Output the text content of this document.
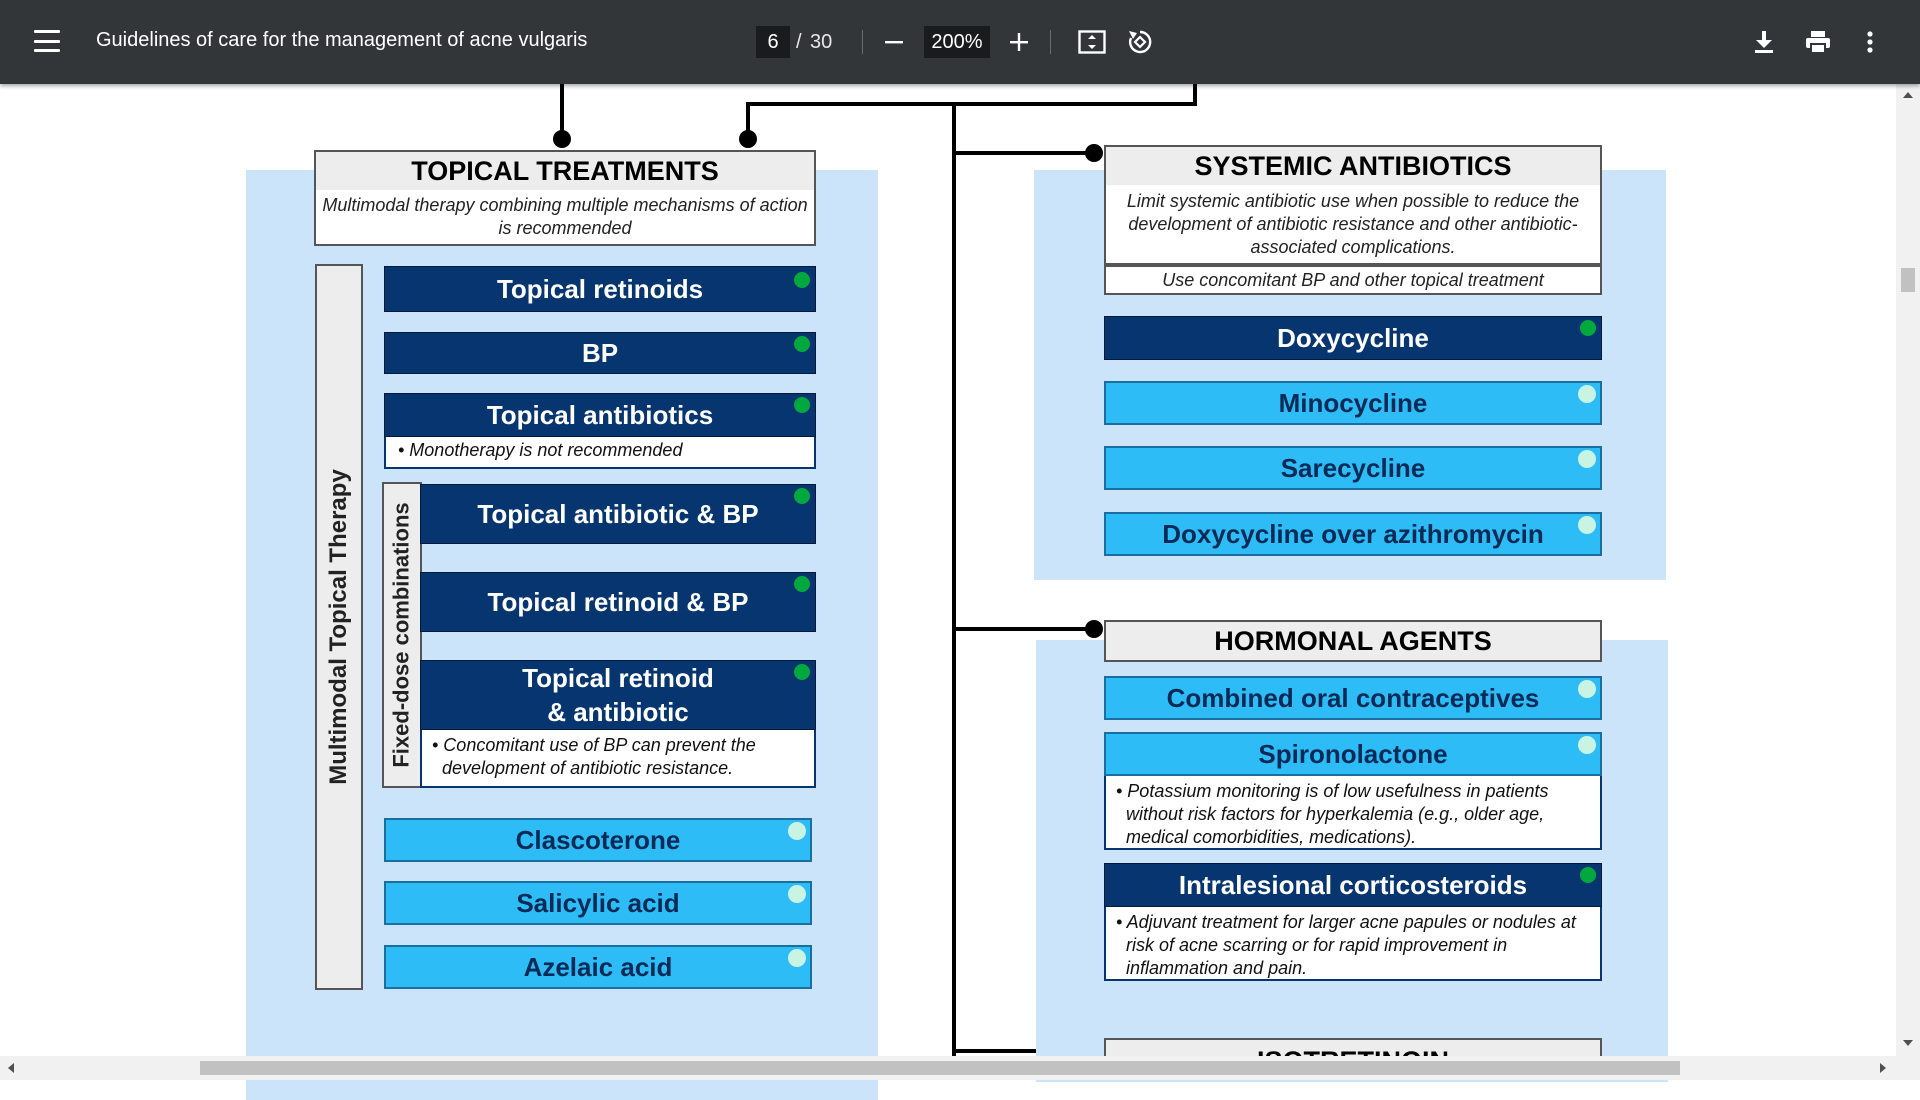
Guidelines of care for the management of acne vulgaris	6 / 30	200%
TOPICAL TREATMENTS
Multimodal therapy combining multiple mechanisms of action is recommended
Multimodal Topical Therapy Fixed-dose combinations
Topical retinoids
BP
Topical antibiotics
• Monotherapy is not recommended
Topical antibiotic & BP
Topical retinoid & BP
Topical retinoid
& antibiotic
• Concomitant use of BP can prevent the development of antibiotic resistance.
Clascoterone
Salicylic acid
Azelaic acid
SYSTEMIC ANTIBIOTICS
Limit systemic antibiotic use when possible to reduce the development of antibiotic resistance and other antibiotic-associated complications.
Use concomitant BP and other topical treatment
Doxycycline
Minocycline
Sarecycline
Doxycycline over azithromycin
HORMONAL AGENTS
Combined oral contraceptives
Spironolactone
• Potassium monitoring is of low usefulness in patients without risk factors for hyperkalemia (e.g., older age, medical comorbidities, medications).
Intralesional corticosteroids
• Adjuvant treatment for larger acne papules or nodules at risk of acne scarring or for rapid improvement in inflammation and pain.
